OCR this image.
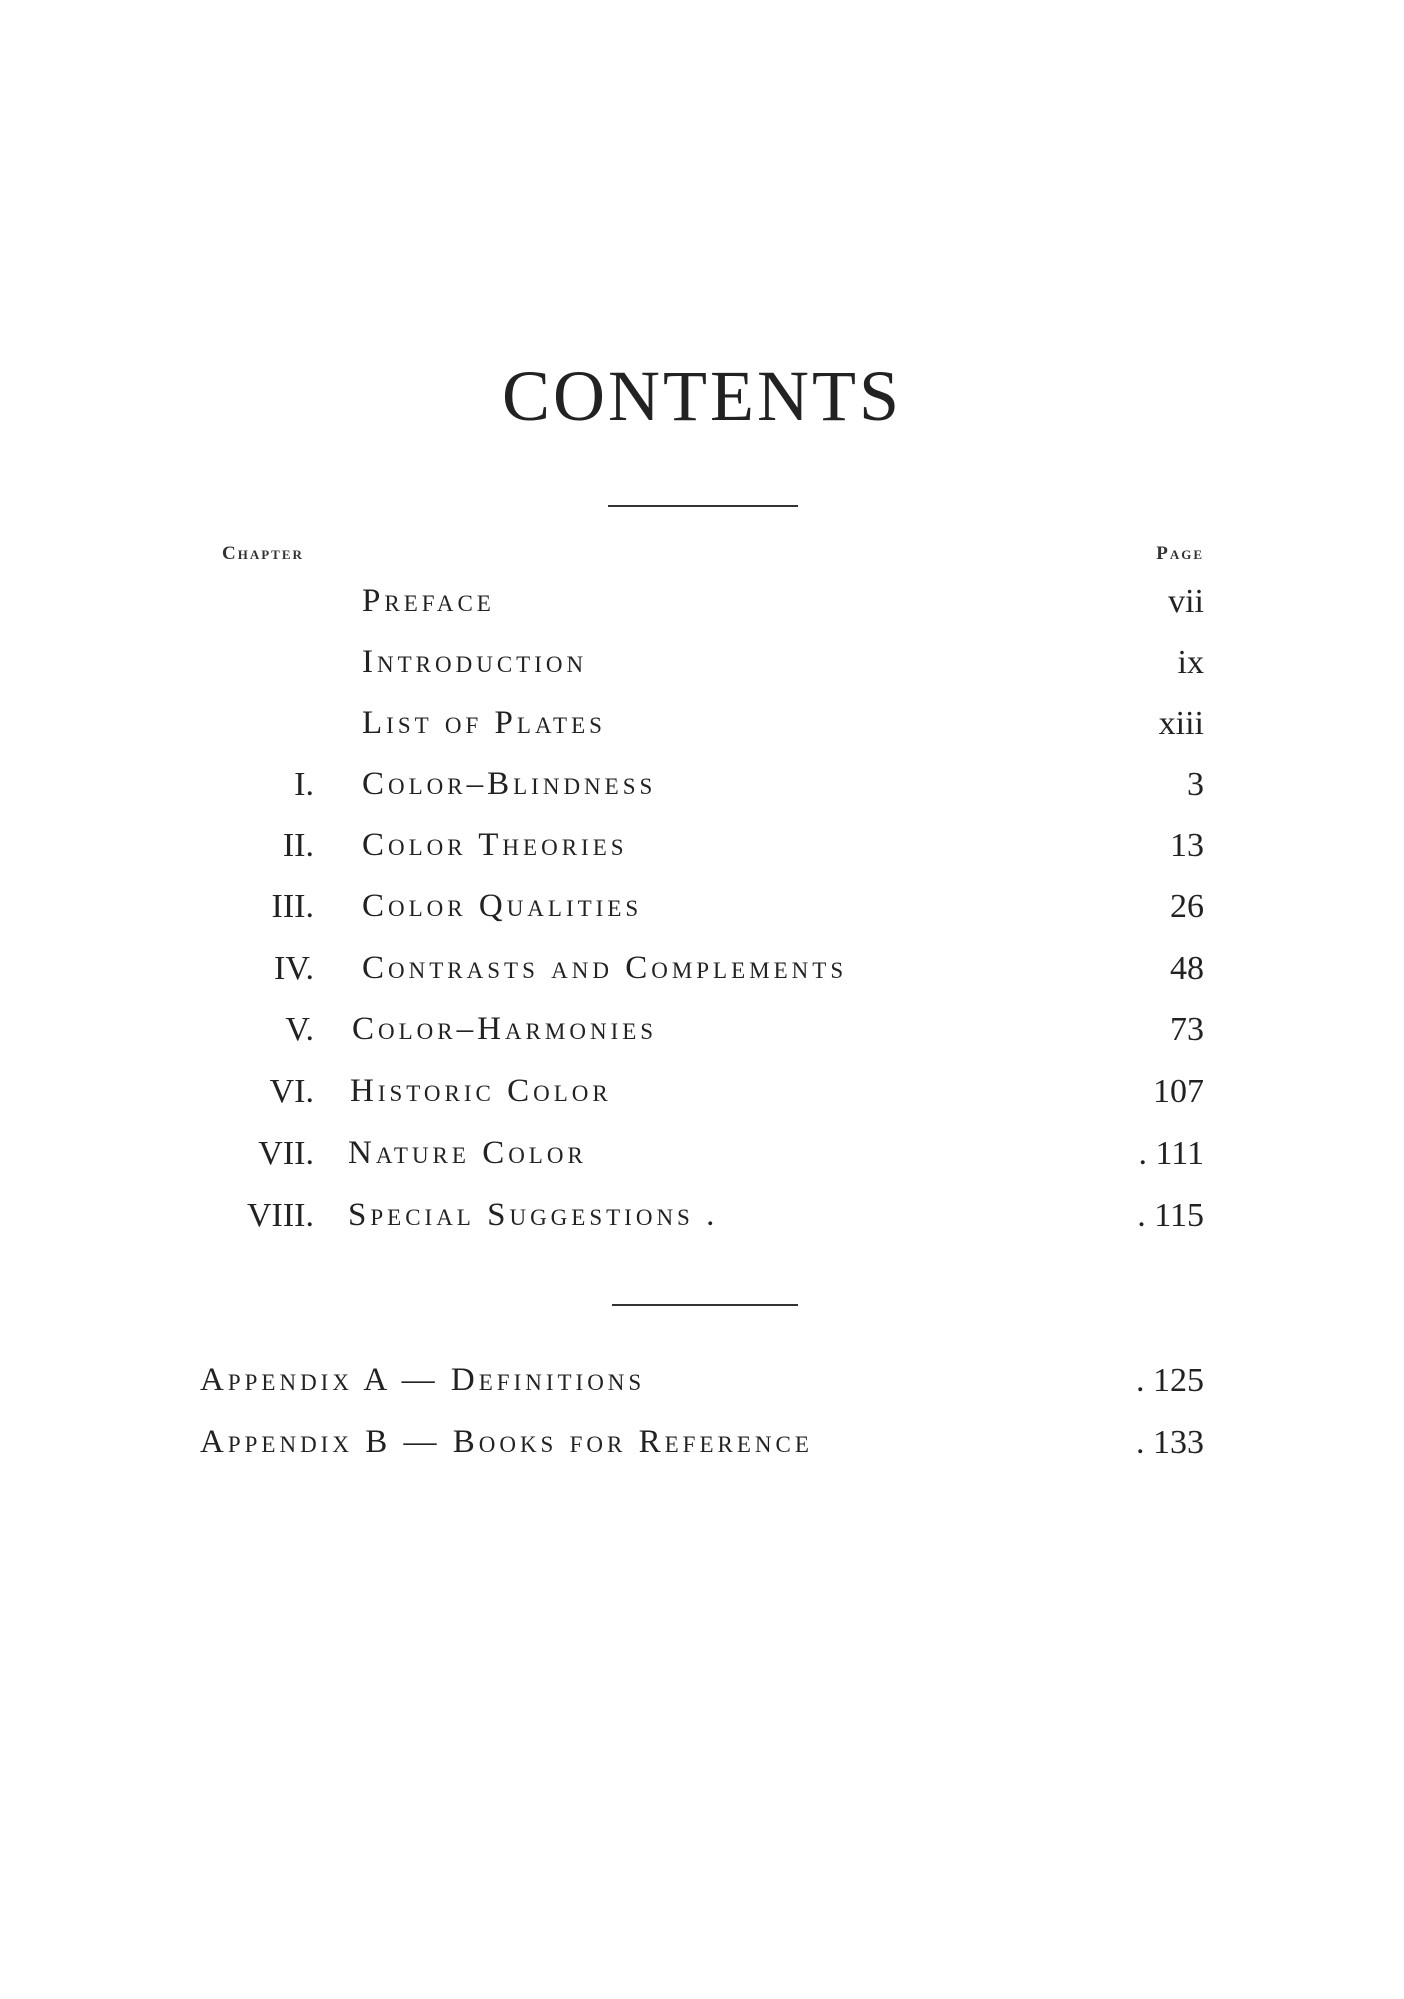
CONTENTS
Chapter	Page
Preface	vii
Introduction	ix
List of Plates	xiii
I. Color–Blindness	3
II. Color Theories	13
III. Color Qualities	26
IV. Contrasts and Complements	48
V. Color–Harmonies	73
VI. Historic Color	107
VII. Nature Color	. 111
VIII. Special Suggestions .	. 115
Appendix A — Definitions	. 125
Appendix B — Books for Reference	. 133
